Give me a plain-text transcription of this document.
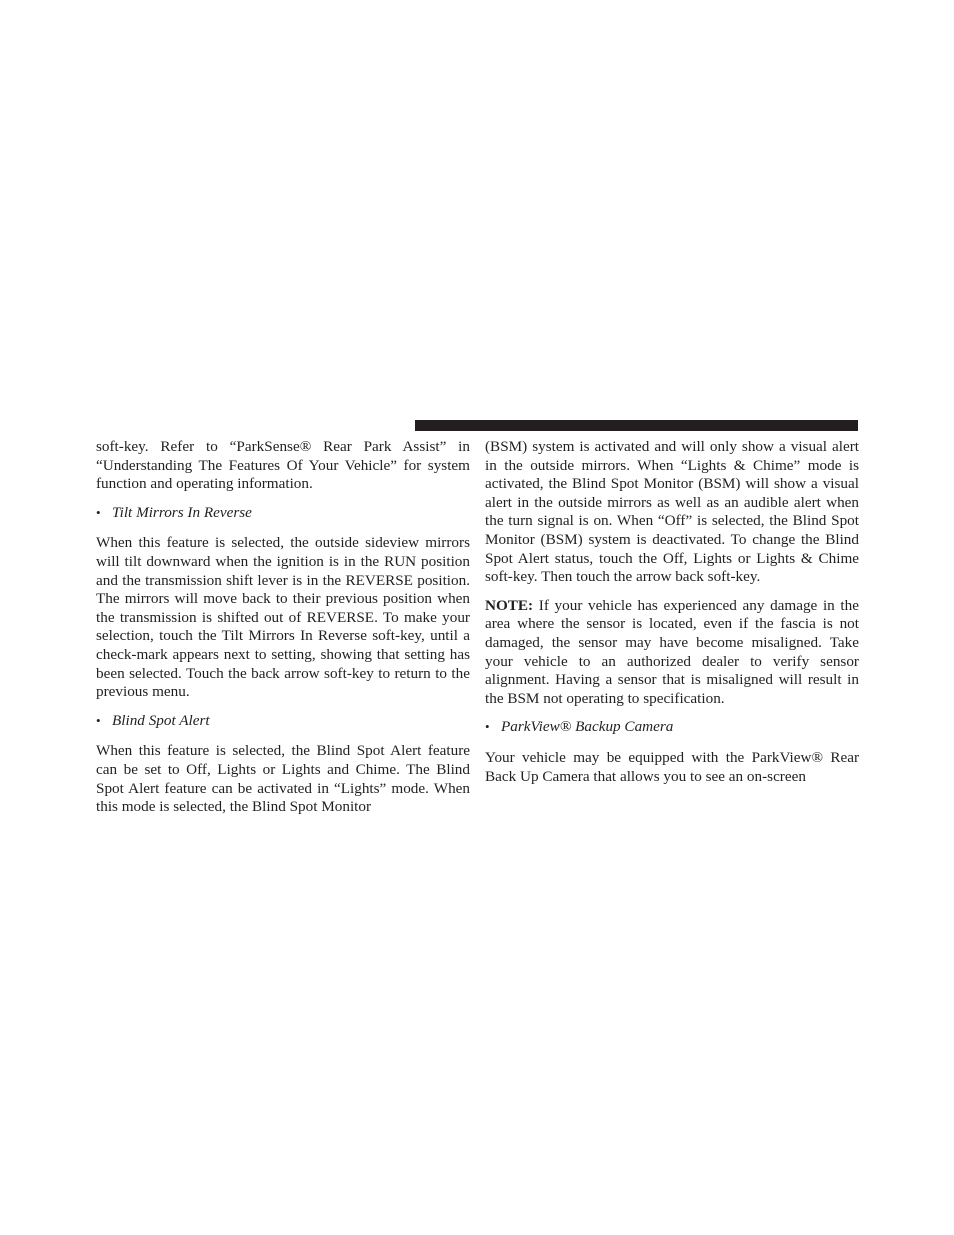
soft-key. Refer to “ParkSense® Rear Park Assist” in “Understanding The Features Of Your Vehicle” for system function and operating information.

• Tilt Mirrors In Reverse

When this feature is selected, the outside sideview mirrors will tilt downward when the ignition is in the RUN position and the transmission shift lever is in the REVERSE position. The mirrors will move back to their previous position when the transmission is shifted out of REVERSE. To make your selection, touch the Tilt Mirrors In Reverse soft-key, until a check-mark appears next to setting, showing that setting has been selected. Touch the back arrow soft-key to return to the previous menu.

• Blind Spot Alert

When this feature is selected, the Blind Spot Alert feature can be set to Off, Lights or Lights and Chime. The Blind Spot Alert feature can be activated in “Lights” mode. When this mode is selected, the Blind Spot Monitor

(BSM) system is activated and will only show a visual alert in the outside mirrors. When “Lights & Chime” mode is activated, the Blind Spot Monitor (BSM) will show a visual alert in the outside mirrors as well as an audible alert when the turn signal is on. When “Off” is selected, the Blind Spot Monitor (BSM) system is deactivated. To change the Blind Spot Alert status, touch the Off, Lights or Lights & Chime soft-key. Then touch the arrow back soft-key.

NOTE: If your vehicle has experienced any damage in the area where the sensor is located, even if the fascia is not damaged, the sensor may have become misaligned. Take your vehicle to an authorized dealer to verify sensor alignment. Having a sensor that is misaligned will result in the BSM not operating to specification.

• ParkView® Backup Camera

Your vehicle may be equipped with the ParkView® Rear Back Up Camera that allows you to see an on-screen
